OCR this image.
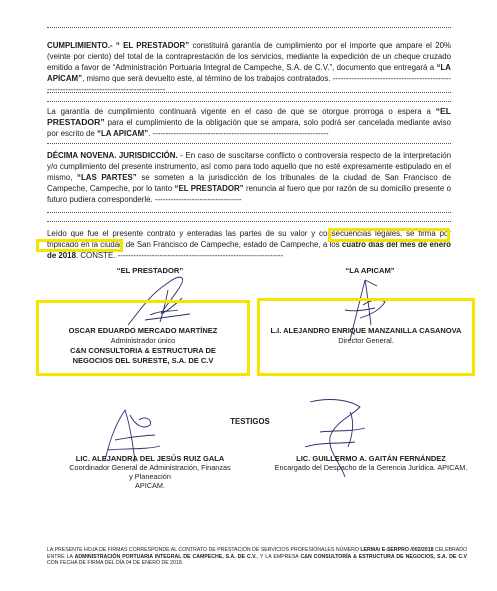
CUMPLIMIENTO.- “ EL PRESTADOR” constituirá garantía de cumplimiento por el importe que ampare el 20% (veinte por ciento) del total de la contraprestación de los servicios, mediante la expedición de un cheque cruzado emitido a favor de “Administración Portuaria Integral de Campeche, S.A. de C.V.”, documento que entregará a “LA APICAM”, mismo que será devuelto este, al término de los trabajos contratados. ------------------------------------------------------------------------------------------

La garantía de cumplimiento continuará vigente en el caso de que se otorgue prorroga o espera a “EL PRESTADOR” para el cumplimiento de la obligación que se ampara, solo podrá ser cancelada mediante aviso por escrito de “LA APICAM”. -------------------------------------------------------------------

DÉCIMA NOVENA. JURISDICCIÓN. - En caso de suscitarse conflicto o controversia respecto de la interpretación y/o cumplimiento del presente instrumento, así como para todo aquello que no esté expresamente estipulado en el mismo, “LAS PARTES” se someten a la jurisdicción de los tribunales de la ciudad de San Francisco de Campeche, Campeche, por lo tanto “EL PRESTADOR” renuncia al fuero que por razón de su domicilio presente o futuro pudiera corresponderle. ---------------------------------

Leído que fue el presente contrato y enteradas las partes de su valor y consecuencias legales, se firma por triplicado en la ciudad de San Francisco de Campeche, estado de Campeche, a los cuatro días del mes de enero de 2018. CONSTE. ---------------------------------------------------------------

“EL PRESTADOR”	“LA APICAM”
OSCAR EDUARDO MERCADO MARTÍNEZ
Administrador único
C&N CONSULTORIA & ESTRUCTURA DE
NEGOCIOS DEL SURESTE, S.A. DE C.V
L.I. ALEJANDRO ENRIQUE MANZANILLA CASANOVA
Director General.
TESTIGOS
LIC. ALEJANDRA DEL JESÚS RUIZ GALA
Coordinador General de Administración, Finanzas
y Planeación
APICAM.
LIC. GUILLERMO A. GAITÁN FERNÁNDEZ
Encargado del Despacho de la Gerencia Jurídica. APICAM.

LA PRESENTE HOJA DE FIRMAS CORRESPONDE AL CONTRATO DE PRESTACIÓN DE SERVICIOS PROFESIONALES NÚMERO LERMA/ E-SERPRO /002/2018 CELEBRADO ENTRE LA ADMINISTRACIÓN PORTUARIA INTEGRAL DE CAMPECHE, S.A. DE C.V., Y LA EMPRESA C&N CONSULTORÍA & ESTRUCTURA DE NEGOCIOS, S.A. DE C.V CON FECHA DE FIRMA DEL DÍA 04 DE ENERO DE 2018.
